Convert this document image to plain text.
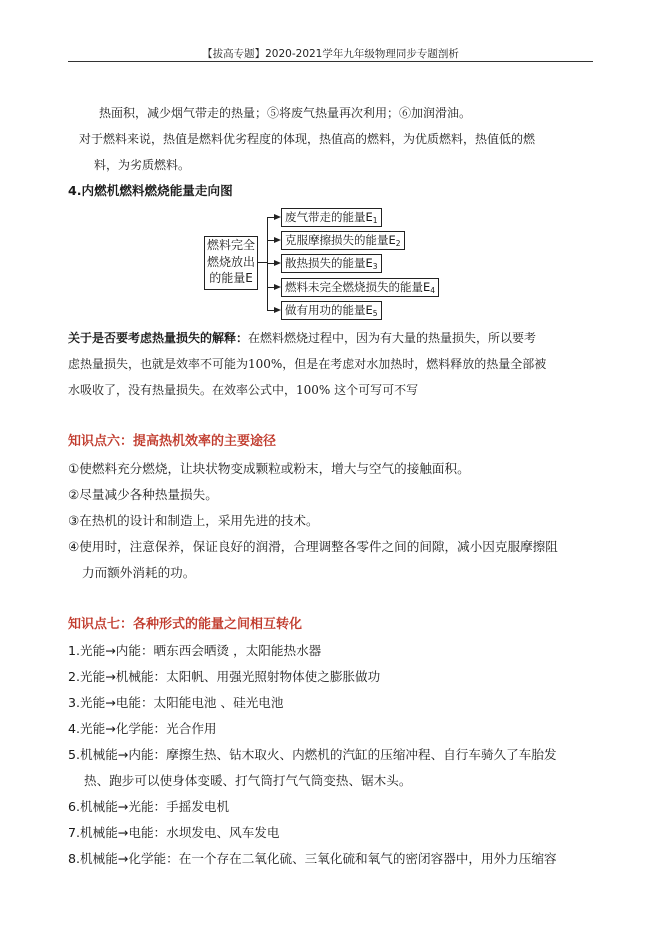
【拔高专题】2020-2021学年九年级物理同步专题剖析
热面积，减少烟气带走的热量；⑤将废气热量再次利用；⑥加润滑油。
对于燃料来说，热值是燃料优劣程度的体现，热值高的燃料，为优质燃料，热值低的燃
料，为劣质燃料。
4.内燃机燃料燃烧能量走向图
燃料完全
燃烧放出
的能量E
废气带走的能量$E_1$
克服摩擦损失的能量$E_2$
散热损失的能量$E_3$
燃料未完全燃烧损失的能量$E_4$
做有用功的能量$E_5$
关于是否要考虑热量损失的解释：在燃料燃烧过程中，因为有大量的热量损失，所以要考
虑热量损失，也就是效率不可能为100%，但是在考虑对水加热时，燃料释放的热量全部被
水吸收了，没有热量损失。在效率公式中，100% 这个可写可不写
知识点六：提高热机效率的主要途径
①使燃料充分燃烧，让块状物变成颗粒或粉末，增大与空气的接触面积。
②尽量减少各种热量损失。
③在热机的设计和制造上，采用先进的技术。
④使用时，注意保养，保证良好的润滑，合理调整各零件之间的间隙，减小因克服摩擦阻
力而额外消耗的功。
知识点七：各种形式的能量之间相互转化
1.光能→内能：晒东西会晒烫 ，太阳能热水器
2.光能→机械能：太阳帆、用强光照射物体使之膨胀做功
3.光能→电能：太阳能电池 、硅光电池
4.光能→化学能：光合作用
5.机械能→内能：摩擦生热、钻木取火、内燃机的汽缸的压缩冲程、自行车骑久了车胎发
热、跑步可以使身体变暖、打气筒打气气筒变热、锯木头。
6.机械能→光能：手摇发电机
7.机械能→电能：水坝发电、风车发电
8.机械能→化学能：在一个存在二氧化硫、三氧化硫和氧气的密闭容器中，用外力压缩容
